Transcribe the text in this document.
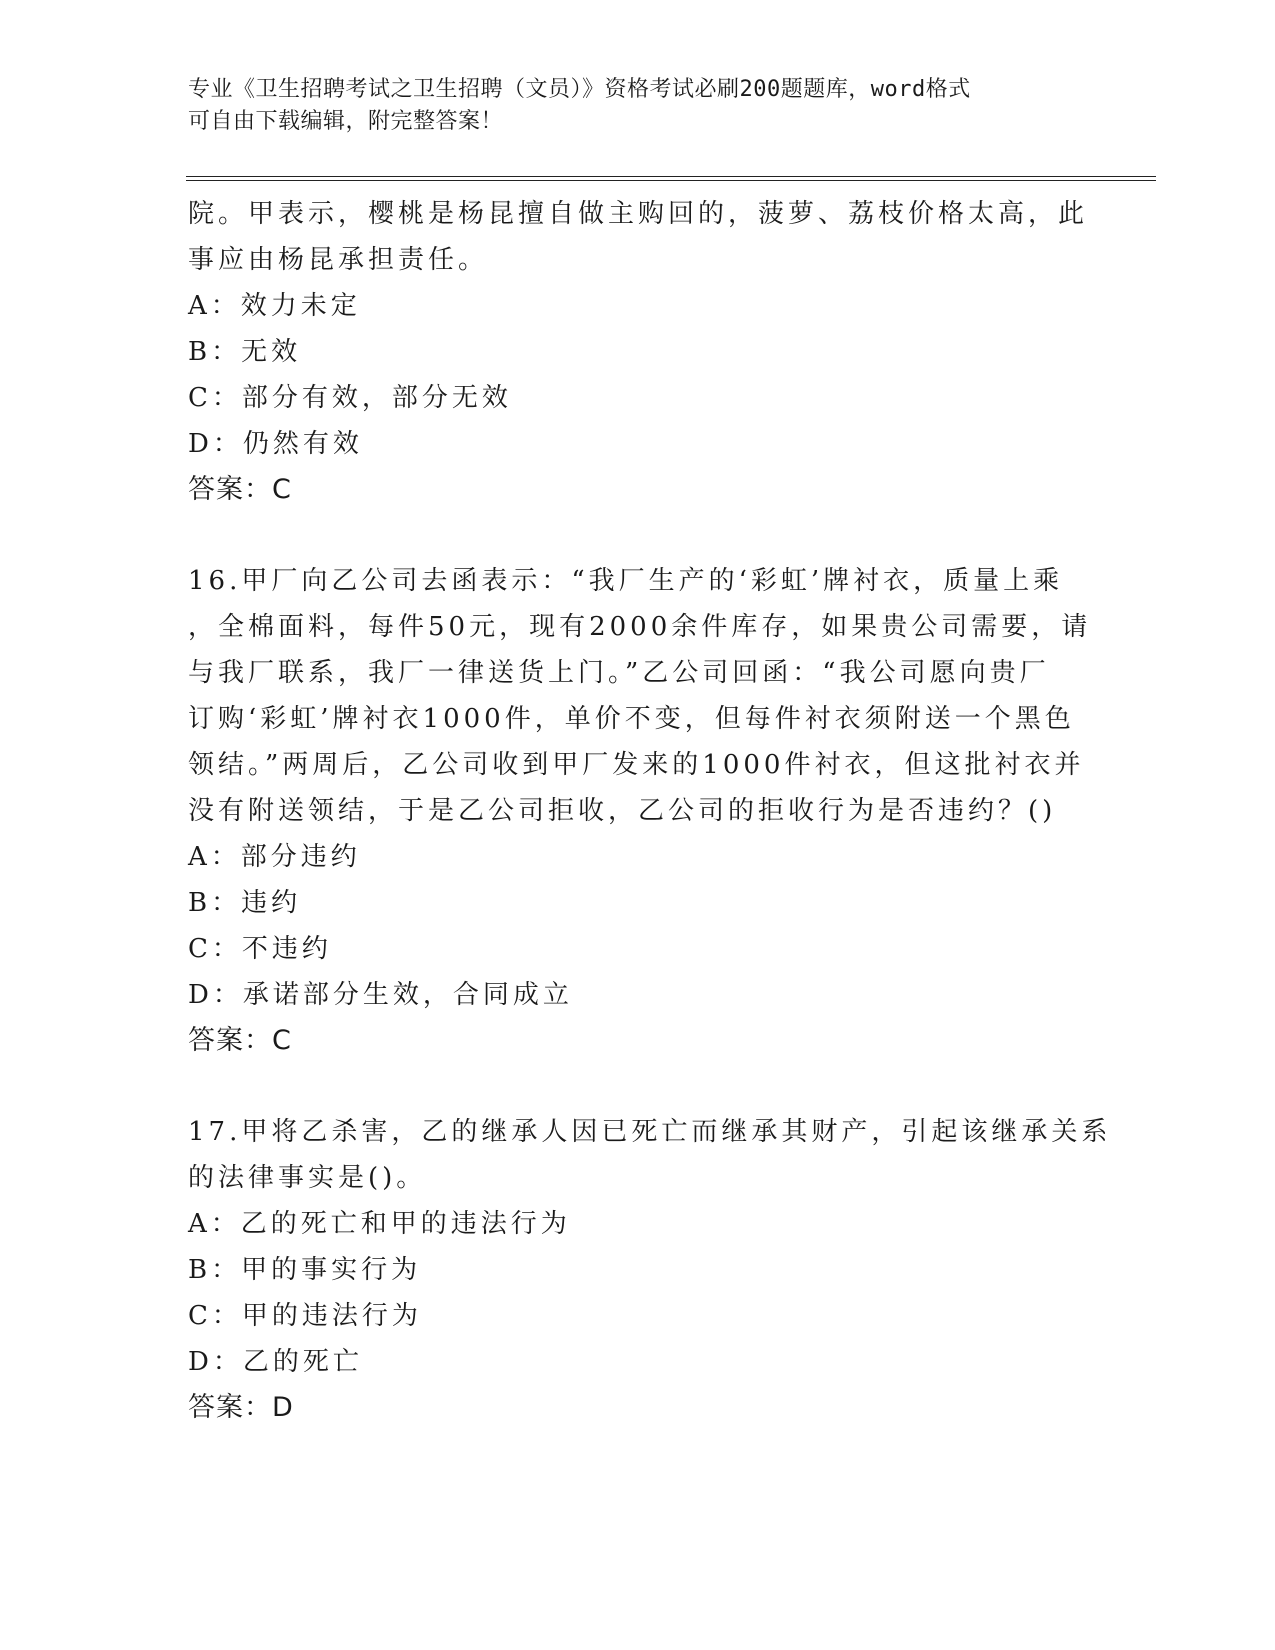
专业《卫生招聘考试之卫生招聘（文员）》资格考试必刷200题题库，word格式
可自由下载编辑，附完整答案！
院。甲表示，樱桃是杨昆擅自做主购回的，菠萝、荔枝价格太高，此
事应由杨昆承担责任。
A：效力未定
B：无效
C：部分有效，部分无效
D：仍然有效
答案：C
16.甲厂向乙公司去函表示：“我厂生产的‘彩虹’牌衬衣，质量上乘
，全棉面料，每件50元，现有2000余件库存，如果贵公司需要，请
与我厂联系，我厂一律送货上门。”乙公司回函：“我公司愿向贵厂
订购‘彩虹’牌衬衣1000件，单价不变，但每件衬衣须附送一个黑色
领结。”两周后，乙公司收到甲厂发来的1000件衬衣，但这批衬衣并
没有附送领结，于是乙公司拒收，乙公司的拒收行为是否违约？()
A：部分违约
B：违约
C：不违约
D：承诺部分生效，合同成立
答案：C
17.甲将乙杀害，乙的继承人因已死亡而继承其财产，引起该继承关系
的法律事实是()。
A：乙的死亡和甲的违法行为
B：甲的事实行为
C：甲的违法行为
D：乙的死亡
答案：D
